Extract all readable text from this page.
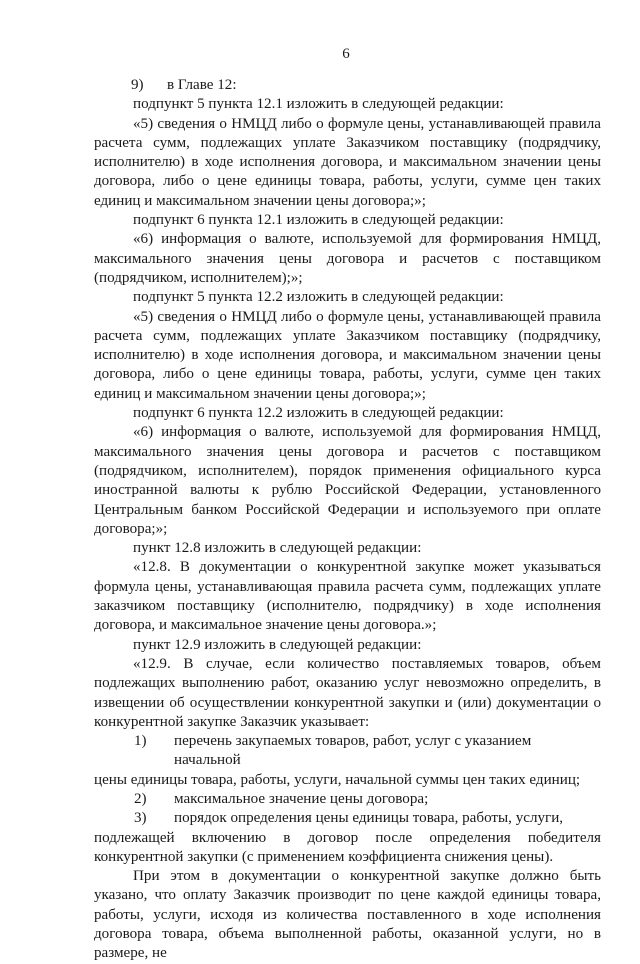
6
9)	в Главе 12:

подпункт 5 пункта 12.1 изложить в следующей редакции:

«5) сведения о НМЦД либо о формуле цены, устанавливающей правила расчета сумм, подлежащих уплате Заказчиком поставщику (подрядчику, исполнителю) в ходе исполнения договора, и максимальном значении цены договора, либо о цене единицы товара, работы, услуги, сумме цен таких единиц и максимальном значении цены договора;»;

подпункт 6 пункта 12.1 изложить в следующей редакции:

«6) информация о валюте, используемой для формирования НМЦД, максимального значения цены договора и расчетов с поставщиком (подрядчиком, исполнителем);»;

подпункт 5 пункта 12.2 изложить в следующей редакции:

«5) сведения о НМЦД либо о формуле цены, устанавливающей правила расчета сумм, подлежащих уплате Заказчиком поставщику (подрядчику, исполнителю) в ходе исполнения договора, и максимальном значении цены договора, либо о цене единицы товара, работы, услуги, сумме цен таких единиц и максимальном значении цены договора;»;

подпункт 6 пункта 12.2 изложить в следующей редакции:

«6) информация о валюте, используемой для формирования НМЦД, максимального значения цены договора и расчетов с поставщиком (подрядчиком, исполнителем), порядок применения официального курса иностранной валюты к рублю Российской Федерации, установленного Центральным банком Российской Федерации и используемого при оплате договора;»;

пункт 12.8 изложить в следующей редакции:

«12.8. В документации о конкурентной закупке может указываться формула цены, устанавливающая правила расчета сумм, подлежащих уплате заказчиком поставщику (исполнителю, подрядчику) в ходе исполнения договора, и максимальное значение цены договора.»;

пункт 12.9 изложить в следующей редакции:

«12.9. В случае, если количество поставляемых товаров, объем подлежащих выполнению работ, оказанию услуг невозможно определить, в извещении об осуществлении конкурентной закупки и (или) документации о конкурентной закупке Заказчик указывает:

1)	перечень закупаемых товаров, работ, услуг с указанием начальной

цены единицы товара, работы, услуги, начальной суммы цен таких единиц;

2)	максимальное значение цены договора;
3)	порядок определения цены единицы товара, работы, услуги,

подлежащей включению в договор после определения победителя конкурентной закупки (с применением коэффициента снижения цены).

При этом в документации о конкурентной закупке должно быть указано, что оплату Заказчик производит по цене каждой единицы товара, работы, услуги, исходя из количества поставленного в ходе исполнения договора товара, объема выполненной работы, оказанной услуги, но в размере, не
